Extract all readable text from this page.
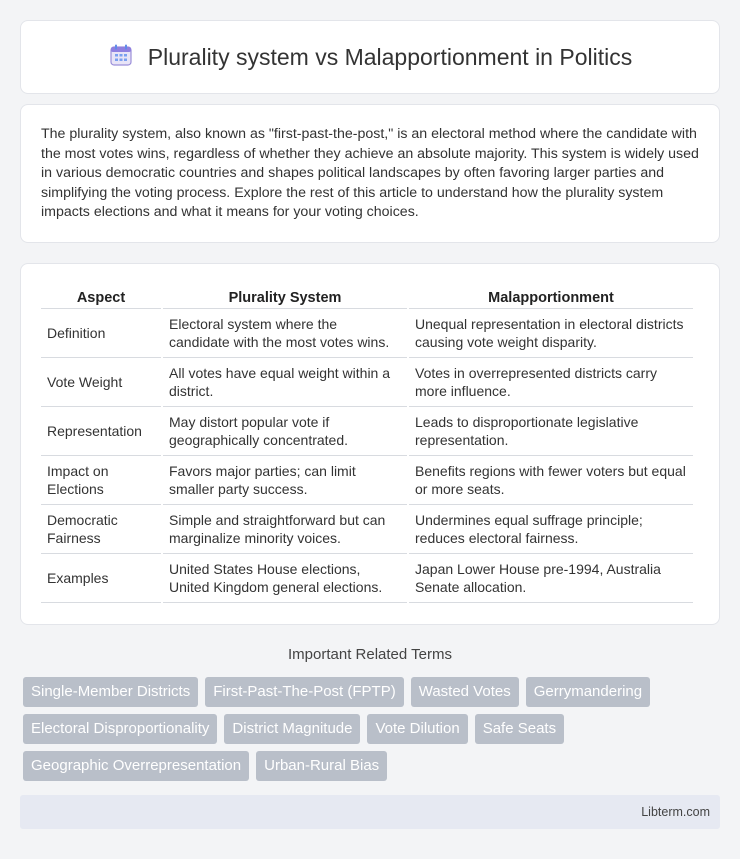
Plurality system vs Malapportionment in Politics

The plurality system, also known as "first-past-the-post," is an electoral method where the candidate with the most votes wins, regardless of whether they achieve an absolute majority. This system is widely used in various democratic countries and shapes political landscapes by often favoring larger parties and simplifying the voting process. Explore the rest of this article to understand how the plurality system impacts elections and what it means for your voting choices.

Aspect	Plurality System	Malapportionment
Definition	Electoral system where the candidate with the most votes wins.	Unequal representation in electoral districts causing vote weight disparity.
Vote Weight	All votes have equal weight within a district.	Votes in overrepresented districts carry more influence.
Representation	May distort popular vote if geographically concentrated.	Leads to disproportionate legislative representation.
Impact on Elections	Favors major parties; can limit smaller party success.	Benefits regions with fewer voters but equal or more seats.
Democratic Fairness	Simple and straightforward but can marginalize minority voices.	Undermines equal suffrage principle; reduces electoral fairness.
Examples	United States House elections, United Kingdom general elections.	Japan Lower House pre-1994, Australia Senate allocation.
Important Related Terms
Single-Member Districts	First-Past-The-Post (FPTP)	Wasted Votes	Gerrymandering
Electoral Disproportionality	District Magnitude	Vote Dilution	Safe Seats
Geographic Overrepresentation	Urban-Rural Bias
Libterm.com
